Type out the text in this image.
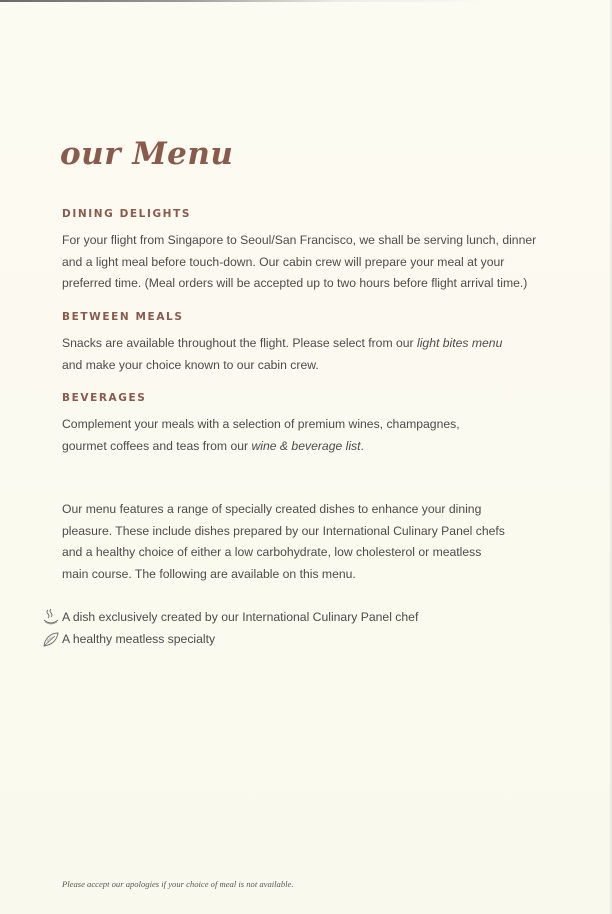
our Menu
DINING DELIGHTS

For your flight from Singapore to Seoul/San Francisco, we shall be serving lunch, dinner
and a light meal before touch-down. Our cabin crew will prepare your meal at your
preferred time. (Meal orders will be accepted up to two hours before flight arrival time.)

BETWEEN MEALS

Snacks are available throughout the flight. Please select from our light bites menu
and make your choice known to our cabin crew.

BEVERAGES

Complement your meals with a selection of premium wines, champagnes,
gourmet coffees and teas from our wine & beverage list.

Our menu features a range of specially created dishes to enhance your dining
pleasure. These include dishes prepared by our International Culinary Panel chefs
and a healthy choice of either a low carbohydrate, low cholesterol or meatless
main course. The following are available on this menu.

A dish exclusively created by our International Culinary Panel chef
A healthy meatless specialty

Please accept our apologies if your choice of meal is not available.
